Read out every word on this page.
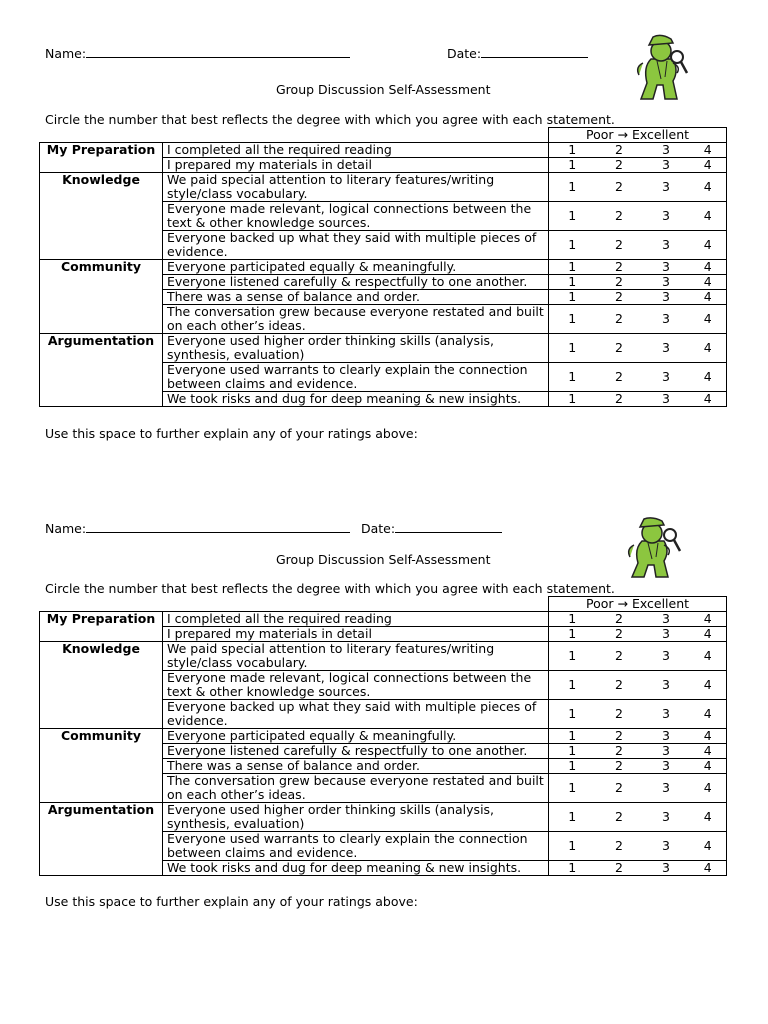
Name:	Date:
Group Discussion Self-Assessment
Circle the number that best reflects the degree with which you agree with each statement.
		Poor → Excellent			
My Preparation	I completed all the required reading	1	2	3	4
	I prepared my materials in detail	1	2	3	4
Knowledge	We paid special attention to literary features/writing style/class vocabulary.	1	2	3	4
	Everyone made relevant, logical connections between the text & other knowledge sources.	1	2	3	4
	Everyone backed up what they said with multiple pieces of evidence.	1	2	3	4
Community	Everyone participated equally & meaningfully.	1	2	3	4
	Everyone listened carefully & respectfully to one another.	1	2	3	4
	There was a sense of balance and order.	1	2	3	4
	The conversation grew because everyone restated and built on each other’s ideas.	1	2	3	4
Argumentation	Everyone used higher order thinking skills (analysis, synthesis, evaluation)	1	2	3	4
	Everyone used warrants to clearly explain the connection between claims and evidence.	1	2	3	4
	We took risks and dug for deep meaning & new insights.	1	2	3	4
Use this space to further explain any of your ratings above:
Name:	Date:
Group Discussion Self-Assessment
Circle the number that best reflects the degree with which you agree with each statement.
		Poor → Excellent			
My Preparation	I completed all the required reading	1	2	3	4
	I prepared my materials in detail	1	2	3	4
Knowledge	We paid special attention to literary features/writing style/class vocabulary.	1	2	3	4
	Everyone made relevant, logical connections between the text & other knowledge sources.	1	2	3	4
	Everyone backed up what they said with multiple pieces of evidence.	1	2	3	4
Community	Everyone participated equally & meaningfully.	1	2	3	4
	Everyone listened carefully & respectfully to one another.	1	2	3	4
	There was a sense of balance and order.	1	2	3	4
	The conversation grew because everyone restated and built on each other’s ideas.	1	2	3	4
Argumentation	Everyone used higher order thinking skills (analysis, synthesis, evaluation)	1	2	3	4
	Everyone used warrants to clearly explain the connection between claims and evidence.	1	2	3	4
	We took risks and dug for deep meaning & new insights.	1	2	3	4
Use this space to further explain any of your ratings above:
